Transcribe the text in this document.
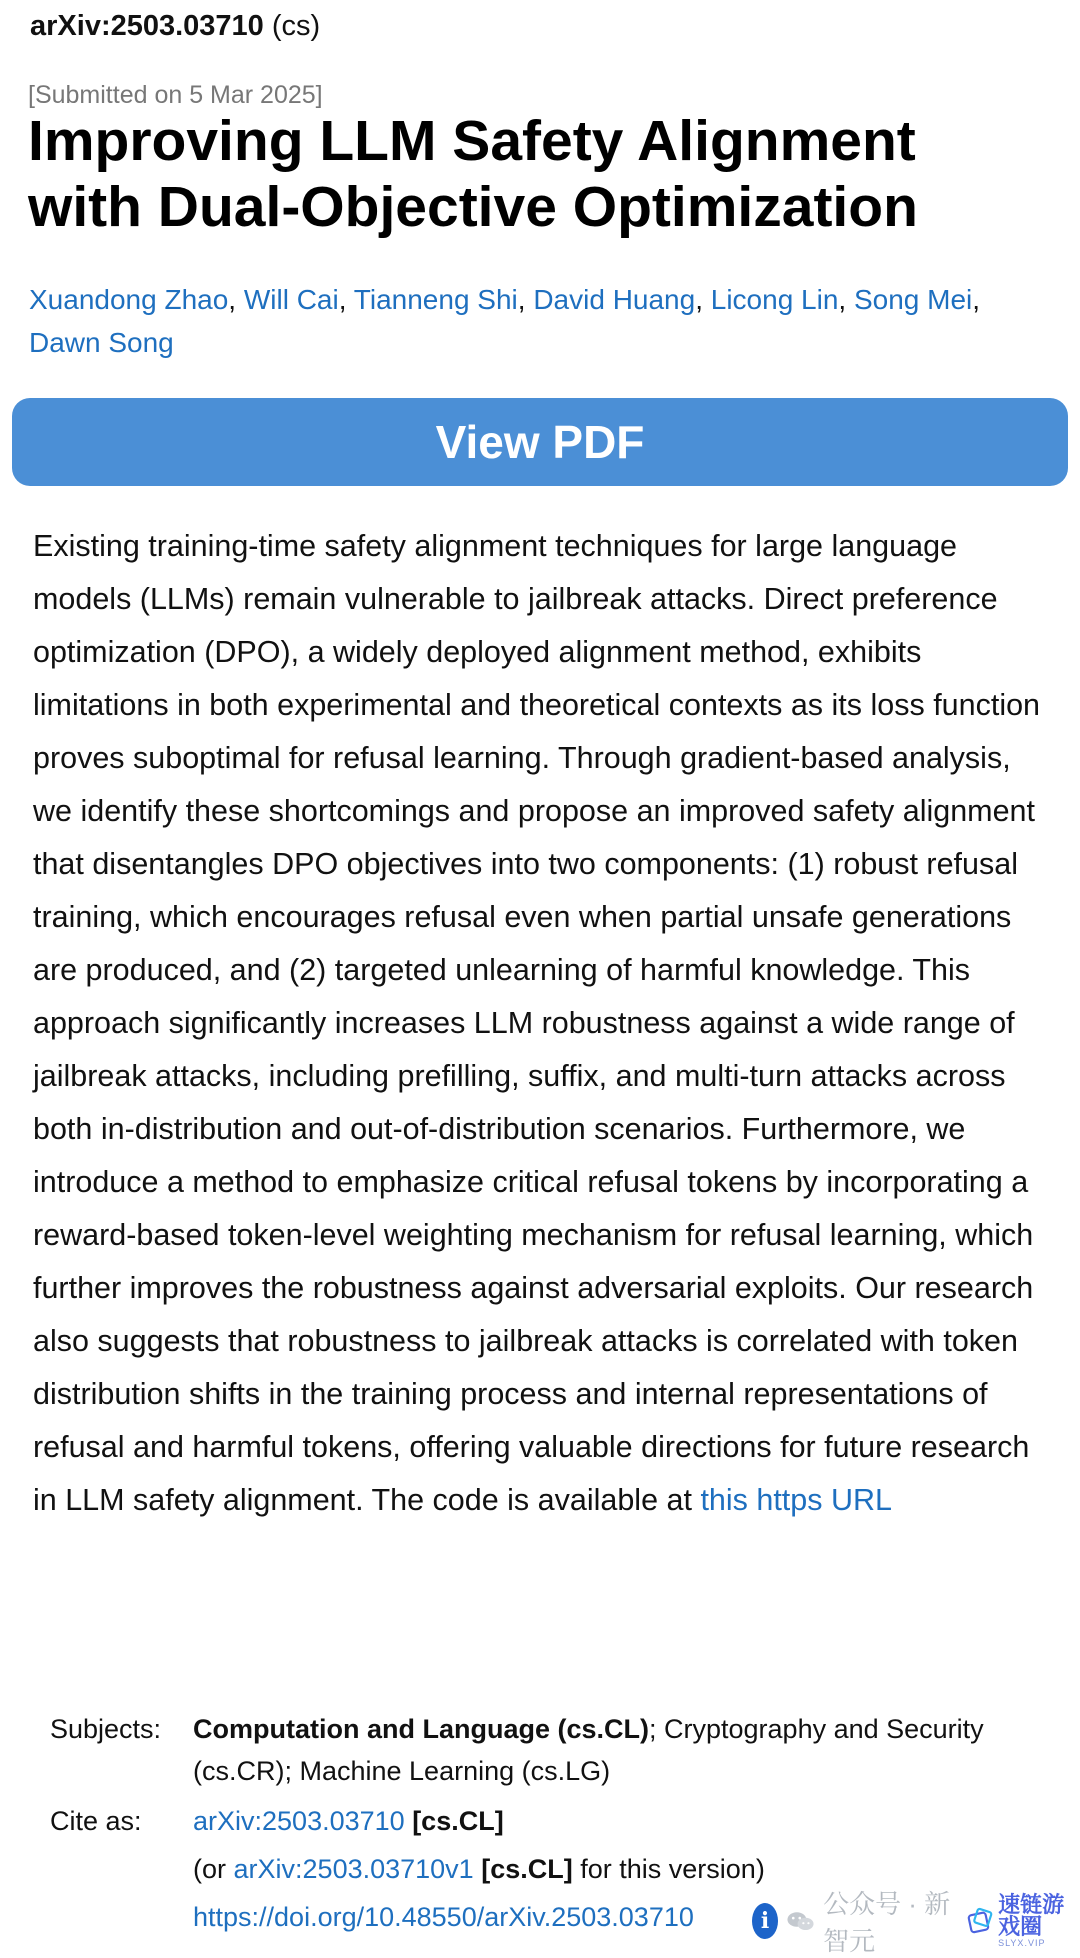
arXiv:2503.03710 (cs)
[Submitted on 5 Mar 2025]
Improving LLM Safety Alignment with Dual-Objective Optimization
Xuandong Zhao, Will Cai, Tianneng Shi, David Huang, Licong Lin, Song Mei,
Dawn Song
View PDF
Existing training-time safety alignment techniques for large language models (LLMs) remain vulnerable to jailbreak attacks. Direct preference optimization (DPO), a widely deployed alignment method, exhibits limitations in both experimental and theoretical contexts as its loss function proves suboptimal for refusal learning. Through gradient-based analysis, we identify these shortcomings and propose an improved safety alignment that disentangles DPO objectives into two components: (1) robust refusal training, which encourages refusal even when partial unsafe generations are produced, and (2) targeted unlearning of harmful knowledge. This approach significantly increases LLM robustness against a wide range of jailbreak attacks, including prefilling, suffix, and multi-turn attacks across both in-distribution and out-of-distribution scenarios. Furthermore, we introduce a method to emphasize critical refusal tokens by incorporating a reward-based token-level weighting mechanism for refusal learning, which further improves the robustness against adversarial exploits. Our research also suggests that robustness to jailbreak attacks is correlated with token distribution shifts in the training process and internal representations of refusal and harmful tokens, offering valuable directions for future research in LLM safety alignment. The code is available at this https URL
Subjects:	Computation and Language (cs.CL); Cryptography and Security (cs.CR); Machine Learning (cs.LG)
Cite as:	arXiv:2503.03710 [cs.CL]
(or arXiv:2503.03710v1 [cs.CL] for this version)
https://doi.org/10.48550/arXiv.2503.03710	i
公众号 · 新智元
速链游戏圈
SLYX.VIP
